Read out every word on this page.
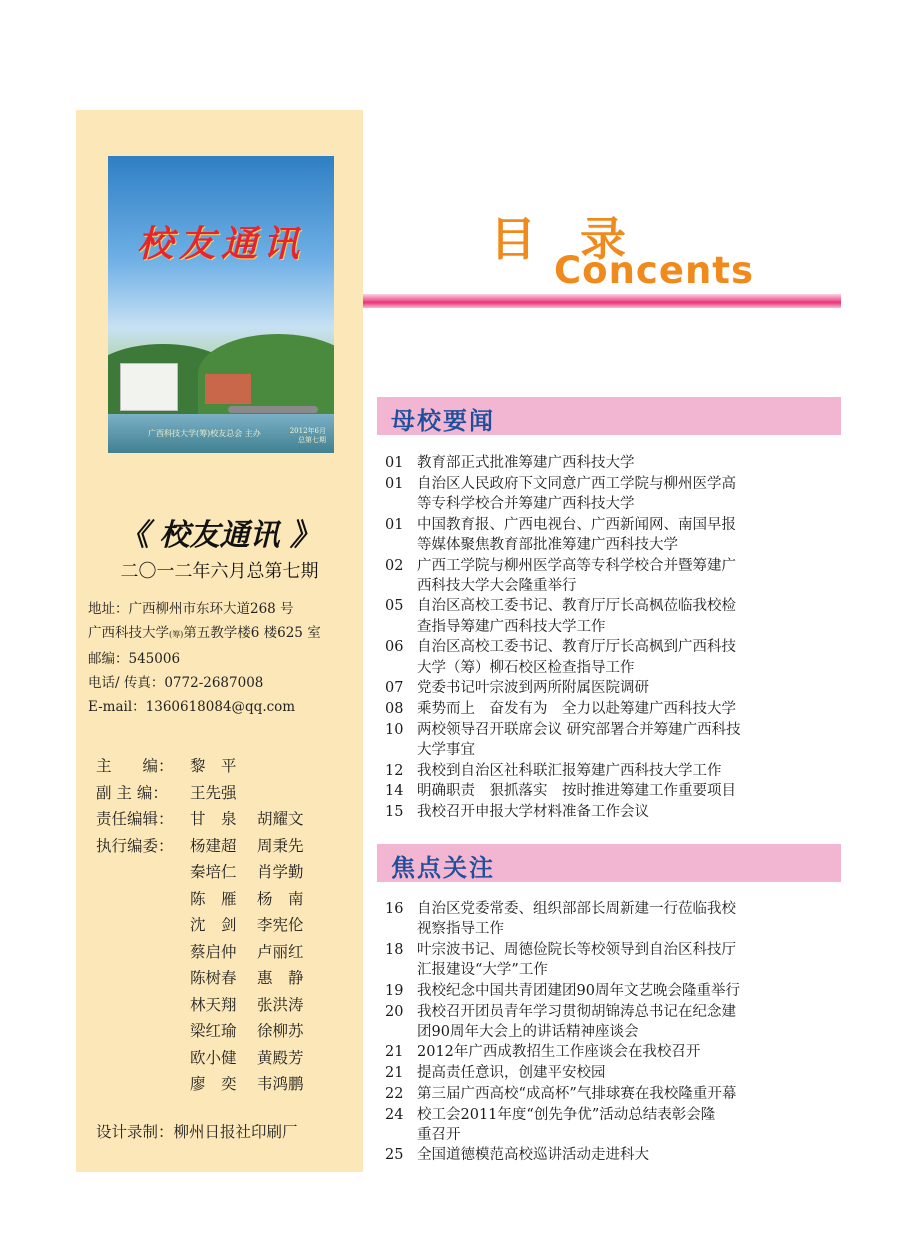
校友通讯
广西科技大学(筹)校友总会 主办	2012年6月
总第七期
《 校友通讯 》
二〇一二年六月总第七期
地址：广西柳州市东环大道268 号
广西科技大学(筹)第五教学楼6 楼625 室
邮编：545006
电话/ 传真：0772-2687008
E-mail：1360618084@qq.com
主　　编：	黎　平
副 主 编：	王先强
责任编辑：	甘　泉 胡耀文
执行编委：	杨建超 周秉先
秦培仁 肖学勤
陈　雁 杨　南
沈　剑 李宪伦
蔡启仲 卢丽红
陈树春 惠　静
林天翔 张洪涛
梁红瑜 徐柳苏
欧小健 黄殿芳
廖　奕 韦鸿鹏
设计录制：柳州日报社印刷厂
目录
Concents
母校要闻
01 教育部正式批准筹建广西科技大学
01 自治区人民政府下文同意广西工学院与柳州医学高
等专科学校合并筹建广西科技大学
01 中国教育报、广西电视台、广西新闻网、南国早报
等媒体聚焦教育部批准筹建广西科技大学
02 广西工学院与柳州医学高等专科学校合并暨筹建广
西科技大学大会隆重举行
05 自治区高校工委书记、教育厅厅长高枫莅临我校检
查指导筹建广西科技大学工作
06 自治区高校工委书记、教育厅厅长高枫到广西科技
大学（筹）柳石校区检查指导工作
07 党委书记叶宗波到两所附属医院调研
08 乘势而上　奋发有为　全力以赴筹建广西科技大学
10 两校领导召开联席会议 研究部署合并筹建广西科技
大学事宜
12 我校到自治区社科联汇报筹建广西科技大学工作
14 明确职责　狠抓落实　按时推进筹建工作重要项目
15 我校召开申报大学材料准备工作会议
焦点关注
16 自治区党委常委、组织部部长周新建一行莅临我校
视察指导工作
18 叶宗波书记、周德俭院长等校领导到自治区科技厅
汇报建设“大学”工作
19 我校纪念中国共青团建团90周年文艺晚会隆重举行
20 我校召开团员青年学习贯彻胡锦涛总书记在纪念建
团90周年大会上的讲话精神座谈会
21 2012年广西成教招生工作座谈会在我校召开
21 提高责任意识，创建平安校园
22 第三届广西高校“成高杯”气排球赛在我校隆重开幕
24 校工会2011年度“创先争优”活动总结表彰会隆
重召开
25 全国道德模范高校巡讲活动走进科大
